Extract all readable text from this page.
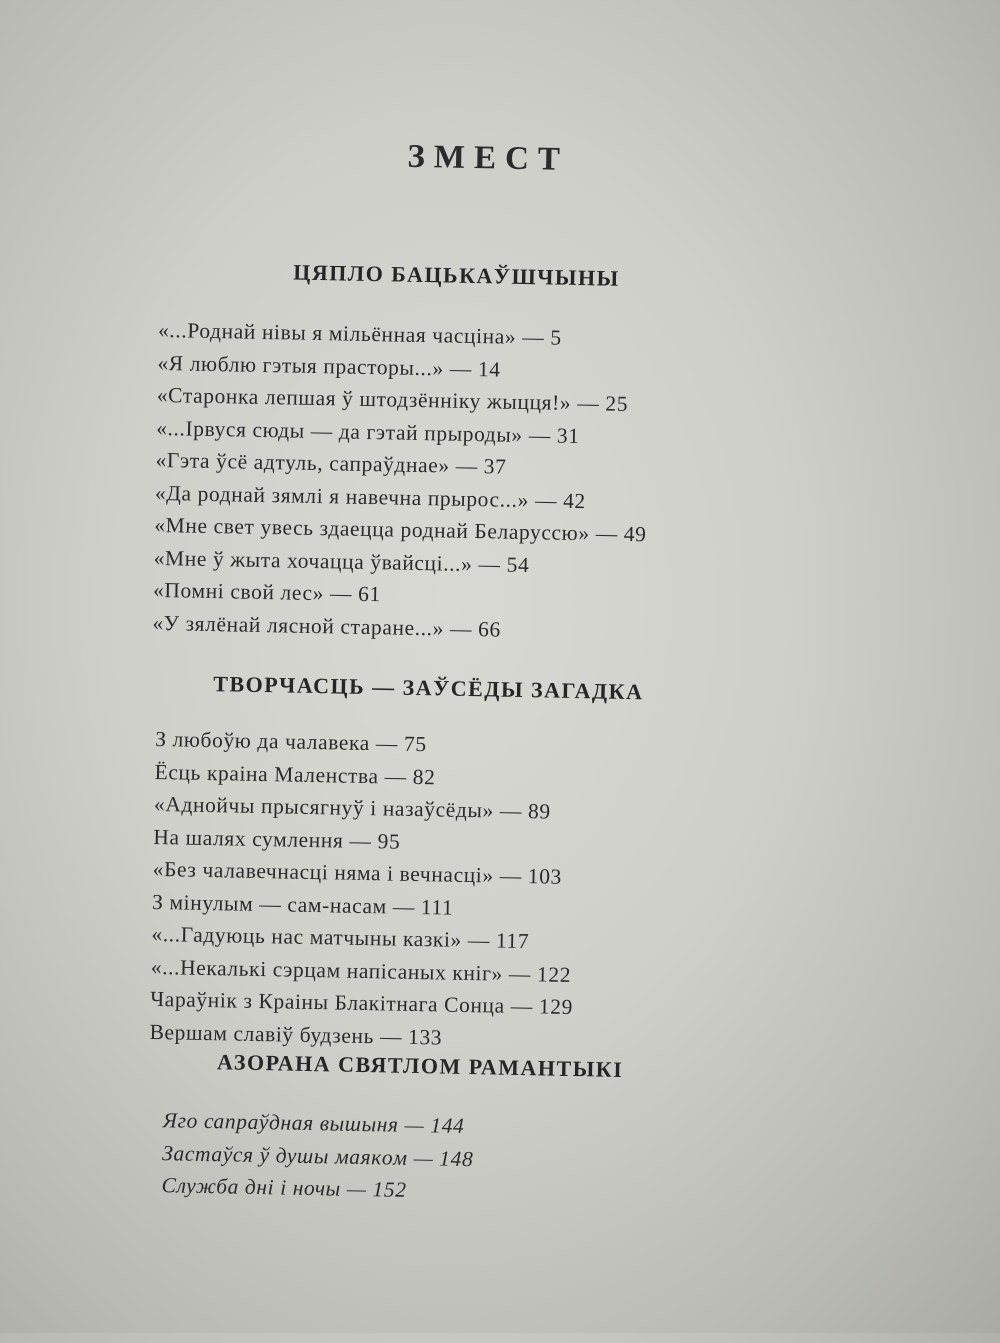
ЗМЕСТ
ЦЯПЛО БАЦЬКАЎШЧЫНЫ
«...Роднай нівы я мільённая часціна» — 5
«Я люблю гэтыя прасторы...» — 14
«Старонка лепшая ў штодзённіку жыцця!» — 25
«...Ірвуся сюды — да гэтай прыроды» — 31
«Гэта ўсё адтуль, сапраўднае» — 37
«Да роднай зямлі я навечна прырос...» — 42
«Мне свет увесь здаецца роднай Беларуссю» — 49
«Мне ў жыта хочацца ўвайсці...» — 54
«Помні свой лес» — 61
«У зялёнай лясной старане...» — 66
ТВОРЧАСЦЬ — ЗАЎСЁДЫ ЗАГАДКА
З любоўю да чалавека — 75
Ёсць краіна Маленства — 82
«Аднойчы прысягнуў і назаўсёды» — 89
На шалях сумлення — 95
«Без чалавечнасці няма і вечнасці» — 103
З мінулым — сам-насам — 111
«...Гадуюць нас матчыны казкі» — 117
«...Некалькі сэрцам напісаных кніг» — 122
Чараўнік з Краіны Блакітнага Сонца — 129
Вершам славіў будзень — 133
АЗОРАНА СВЯТЛОМ РАМАНТЫКІ
Яго сапраўдная вышыня — 144
Застаўся ў душы маякoм — 148
Служба дні і ночы — 152
